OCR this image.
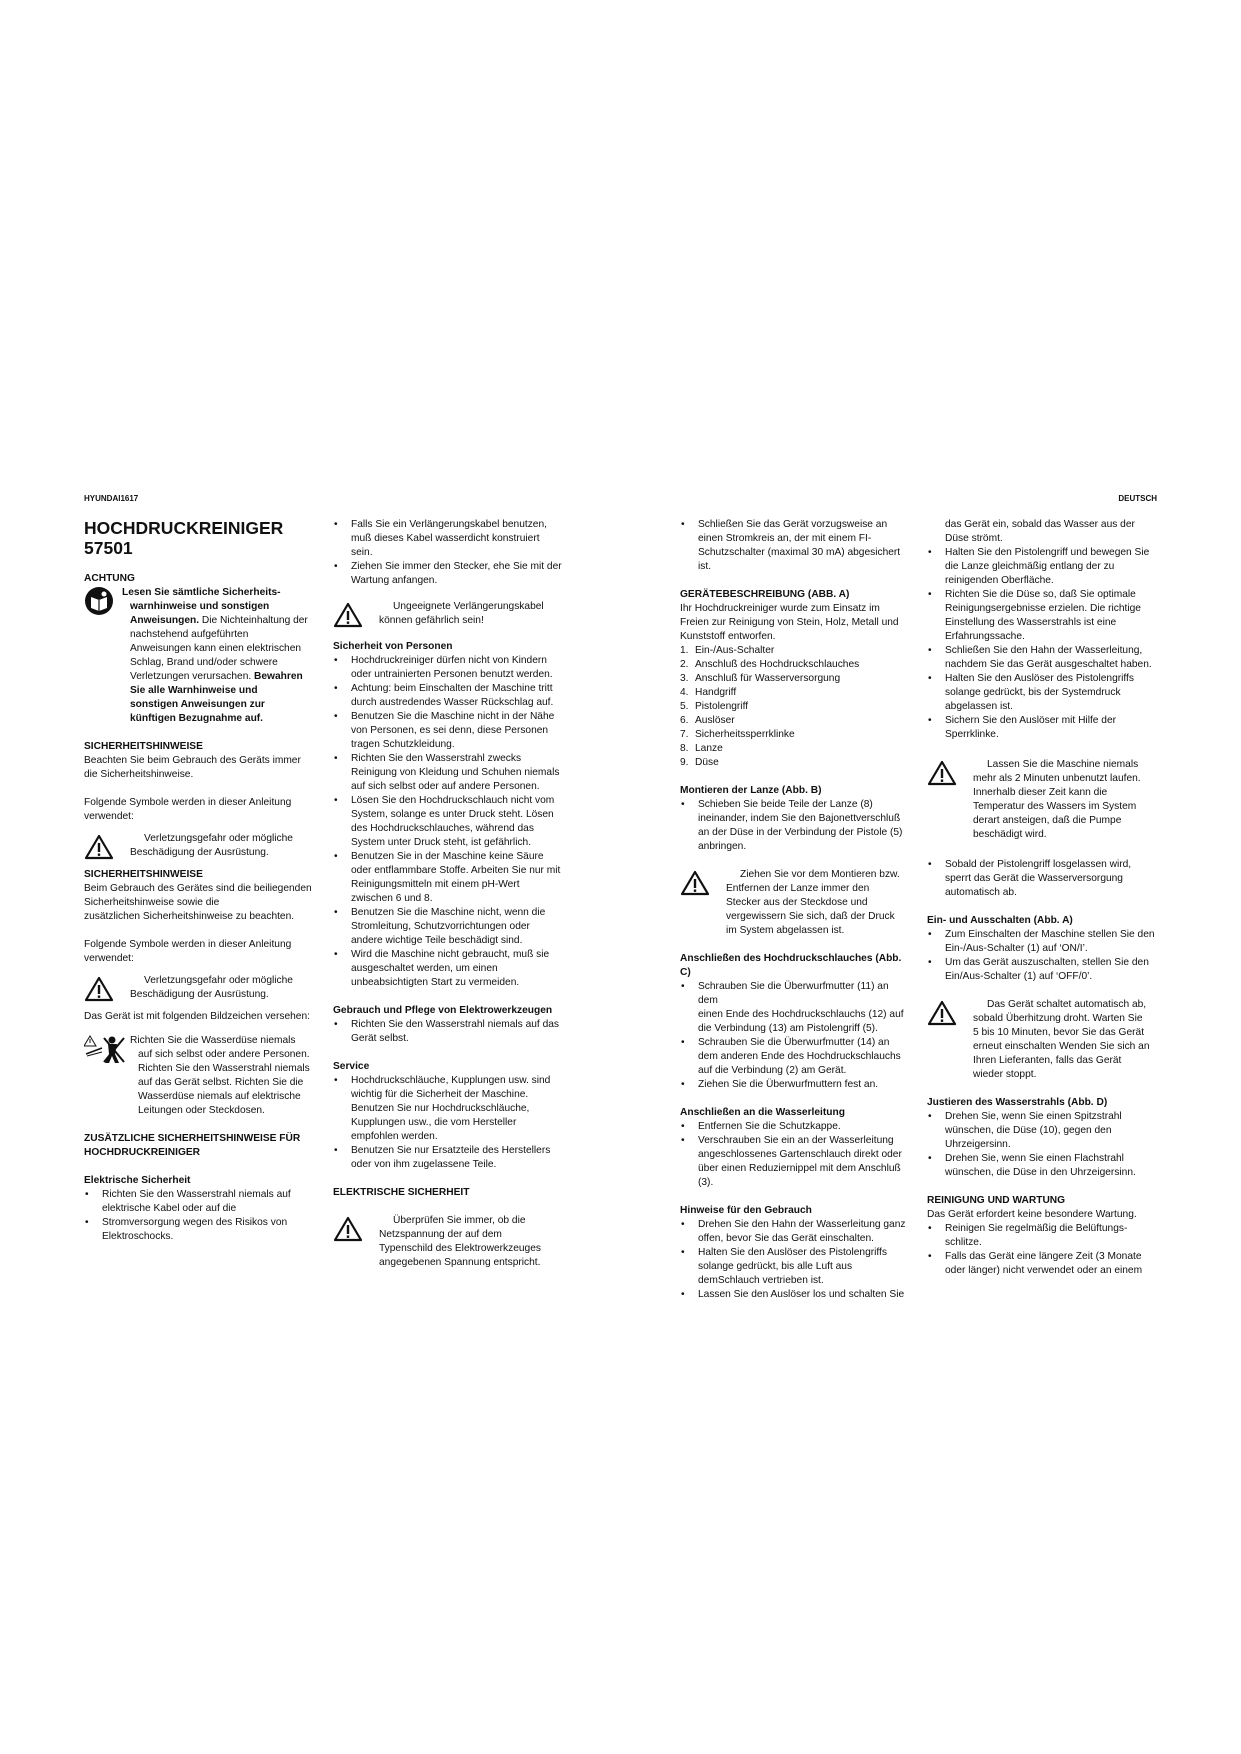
HYUNDAI1617	DEUTSCH
HOCHDRUCKREINIGER
57501
ACHTUNG
Lesen Sie sämtliche Sicherheits-
warnhinweise und sonstigen
Anweisungen. Die Nichteinhaltung der
nachstehend aufgeführten
Anweisungen kann einen elektrischen
Schlag, Brand und/oder schwere
Verletzungen verursachen. Bewahren
Sie alle Warnhinweise und
sonstigen Anweisungen zur
künftigen Bezugnahme auf.
SICHERHEITSHINWEISE
Beachten Sie beim Gebrauch des Geräts immer
die Sicherheitshinweise.
Folgende Symbole werden in dieser Anleitung
verwendet:
Verletzungsgefahr oder mögliche
Beschädigung der Ausrüstung.
SICHERHEITSHINWEISE
Beim Gebrauch des Gerätes sind die beiliegenden
Sicherheitshinweise sowie die
zusätzlichen Sicherheitshinweise zu beachten.
Folgende Symbole werden in dieser Anleitung
verwendet:
Verletzungsgefahr oder mögliche
Beschädigung der Ausrüstung.

Das Gerät ist mit folgenden Bildzeichen versehen:

Richten Sie die Wasserdüse niemals
auf sich selbst oder andere Personen.
Richten Sie den Wasserstrahl niemals
auf das Gerät selbst. Richten Sie die
Wasserdüse niemals auf elektrische
Leitungen oder Steckdosen.
ZUSÄTZLICHE SICHERHEITSHINWEISE FÜR
HOCHDRUCKREINIGER
Elektrische Sicherheit
• Richten Sie den Wasserstrahl niemals auf
elektrische Kabel oder auf die
• Stromversorgung wegen des Risikos von
Elektroschocks.
• Falls Sie ein Verlängerungskabel benutzen,
muß dieses Kabel wasserdicht konstruiert
sein.
• Ziehen Sie immer den Stecker, ehe Sie mit der
Wartung anfangen.
Ungeeignete Verlängerungskabel
können gefährlich sein!
Sicherheit von Personen
• Hochdruckreiniger dürfen nicht von Kindern
oder untrainierten Personen benutzt werden.
• Achtung: beim Einschalten der Maschine tritt
durch austredendes Wasser Rückschlag auf.
• Benutzen Sie die Maschine nicht in der Nähe
von Personen, es sei denn, diese Personen
tragen Schutzkleidung.
• Richten Sie den Wasserstrahl zwecks
Reinigung von Kleidung und Schuhen niemals
auf sich selbst oder auf andere Personen.
• Lösen Sie den Hochdruckschlauch nicht vom
System, solange es unter Druck steht. Lösen
des Hochdruckschlauches, während das
System unter Druck steht, ist gefährlich.
• Benutzen Sie in der Maschine keine Säure
oder entflammbare Stoffe. Arbeiten Sie nur mit
Reinigungsmitteln mit einem pH-Wert
zwischen 6 und 8.
• Benutzen Sie die Maschine nicht, wenn die
Stromleitung, Schutzvorrichtungen oder
andere wichtige Teile beschädigt sind.
• Wird die Maschine nicht gebraucht, muß sie
ausgeschaltet werden, um einen
unbeabsichtigten Start zu vermeiden.
Gebrauch und Pflege von Elektrowerkzeugen
• Richten Sie den Wasserstrahl niemals auf das
Gerät selbst.
Service
• Hochdruckschläuche, Kupplungen usw. sind
wichtig für die Sicherheit der Maschine.
Benutzen Sie nur Hochdruckschläuche,
Kupplungen usw., die vom Hersteller
empfohlen werden.
• Benutzen Sie nur Ersatzteile des Herstellers
oder von ihm zugelassene Teile.
ELEKTRISCHE SICHERHEIT
Überprüfen Sie immer, ob die
Netzspannung der auf dem
Typenschild des Elektrowerkzeuges
angegebenen Spannung entspricht.
• Schließen Sie das Gerät vorzugsweise an
einen Stromkreis an, der mit einem FI-
Schutzschalter (maximal 30 mA) abgesichert
ist.
GERÄTEBESCHREIBUNG (ABB. A)
Ihr Hochdruckreiniger wurde zum Einsatz im
Freien zur Reinigung von Stein, Holz, Metall und
Kunststoff entworfen.
1. Ein-/Aus-Schalter
2. Anschluß des Hochdruckschlauches
3. Anschluß für Wasserversorgung
4. Handgriff
5. Pistolengriff
6. Auslöser
7. Sicherheitssperrklinke
8. Lanze
9. Düse
Montieren der Lanze (Abb. B)
• Schieben Sie beide Teile der Lanze (8)
ineinander, indem Sie den Bajonettverschluß
an der Düse in der Verbindung der Pistole (5)
anbringen.
Ziehen Sie vor dem Montieren bzw.
Entfernen der Lanze immer den
Stecker aus der Steckdose und
vergewissern Sie sich, daß der Druck
im System abgelassen ist.
Anschließen des Hochdruckschlauches (Abb. C)
• Schrauben Sie die Überwurfmutter (11) an dem
einen Ende des Hochdruckschlauchs (12) auf
die Verbindung (13) am Pistolengriff (5).
• Schrauben Sie die Überwurfmutter (14) an
dem anderen Ende des Hochdruckschlauchs
auf die Verbindung (2) am Gerät.
• Ziehen Sie die Überwurfmuttern fest an.
Anschließen an die Wasserleitung
• Entfernen Sie die Schutzkappe.
• Verschrauben Sie ein an der Wasserleitung
angeschlossenes Gartenschlauch direkt oder
über einen Reduziernippel mit dem Anschluß
(3).
Hinweise für den Gebrauch
• Drehen Sie den Hahn der Wasserleitung ganz
offen, bevor Sie das Gerät einschalten.
• Halten Sie den Auslöser des Pistolengriffs
solange gedrückt, bis alle Luft aus
demSchlauch vertrieben ist.
• Lassen Sie den Auslöser los und schalten Sie
das Gerät ein, sobald das Wasser aus der
Düse strömt.
• Halten Sie den Pistolengriff und bewegen Sie
die Lanze gleichmäßig entlang der zu
reinigenden Oberfläche.
• Richten Sie die Düse so, daß Sie optimale
Reinigungsergebnisse erzielen. Die richtige
Einstellung des Wasserstrahls ist eine
Erfahrungssache.
• Schließen Sie den Hahn der Wasserleitung,
nachdem Sie das Gerät ausgeschaltet haben.
• Halten Sie den Auslöser des Pistolengriffs
solange gedrückt, bis der Systemdruck
abgelassen ist.
• Sichern Sie den Auslöser mit Hilfe der
Sperrklinke.
Lassen Sie die Maschine niemals
mehr als 2 Minuten unbenutzt laufen.
Innerhalb dieser Zeit kann die
Temperatur des Wassers im System
derart ansteigen, daß die Pumpe
beschädigt wird.
• Sobald der Pistolengriff losgelassen wird,
sperrt das Gerät die Wasserversorgung
automatisch ab.
Ein- und Ausschalten (Abb. A)
• Zum Einschalten der Maschine stellen Sie den
Ein-/Aus-Schalter (1) auf ‘ON/I’.
• Um das Gerät auszuschalten, stellen Sie den
Ein/Aus-Schalter (1) auf ‘OFF/0’.
Das Gerät schaltet automatisch ab,
sobald Überhitzung droht. Warten Sie
5 bis 10 Minuten, bevor Sie das Gerät
erneut einschalten Wenden Sie sich an
Ihren Lieferanten, falls das Gerät
wieder stoppt.
Justieren des Wasserstrahls (Abb. D)
• Drehen Sie, wenn Sie einen Spitzstrahl
wünschen, die Düse (10), gegen den
Uhrzeigersinn.
• Drehen Sie, wenn Sie einen Flachstrahl
wünschen, die Düse in den Uhrzeigersinn.
REINIGUNG UND WARTUNG
Das Gerät erfordert keine besondere Wartung.
• Reinigen Sie regelmäßig die Belüftungs-
schlitze.
• Falls das Gerät eine längere Zeit (3 Monate
oder länger) nicht verwendet oder an einem
